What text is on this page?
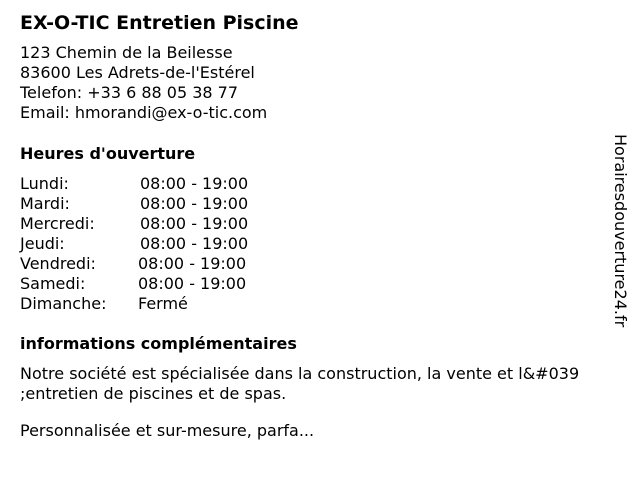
EX-O-TIC Entretien Piscine
123 Chemin de la Beilesse
83600 Les Adrets-de-l'Estérel
Telefon: +33 6 88 05 38 77
Email: hmorandi@ex-o-tic.com
Heures d'ouverture
Lundi:	08:00 - 19:00
Mardi:	08:00 - 19:00
Mercredi:	08:00 - 19:00
Jeudi:	08:00 - 19:00
Vendredi:	08:00 - 19:00
Samedi:	08:00 - 19:00
Dimanche: Fermé
informations complémentaires
Notre société est spécialisée dans la construction, la vente et l&#039
;entretien de piscines et de spas.
Personnalisée et sur-mesure, parfa...
Horairesdouverture24.fr
